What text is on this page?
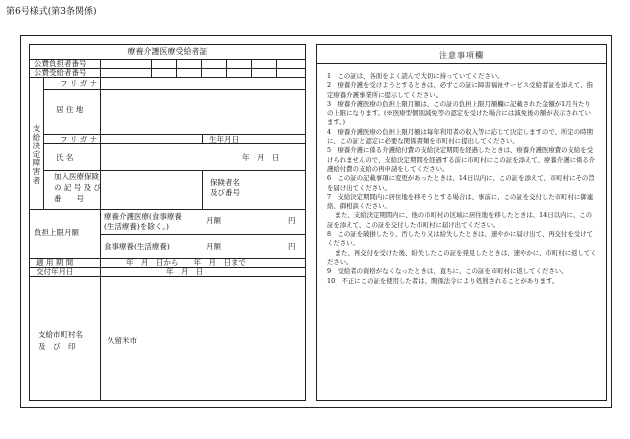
第6号様式(第3条関係)
療養介護医療受給者証
公費負担者番号
公費受給者番号
支給決定障害者
フ リ ガ ナ
居 住 地
フ リ ガ ナ	生年月日
年　月　日
氏 名
加入医療保険
の 記 号 及 び
番　　号
保険者名
及び番号
負担上限月額
療養介護医療(食事療養
(生活療養)を除く。)
月額	円
食事療養(生活療養)	月額	円
適 用 期 間	年　月　日から　　年　月　日まで
交付年月日	年　月　日
支給市町村名
及　び　印
久留米市
注意事項欄

1　この証は、各面をよく読んで大切に持っていてください。

2　療養介護を受けようとするときは、必ずこの証に障害福祉サービス受給者証を添えて、指定療養介護事業所に提示してください。

3　療養介護医療の負担上限月額は、この証の負担上限月額欄に記載された金額が1月当たりの上限になります。(※医療型個別減免等の認定を受けた場合には減免後の額が表示されています。)

4　療養介護医療の負担上限月額は毎年利用者の収入等に応じて決定しますので、所定の時期に、この証と認定に必要な関係書類を市町村に提出してください。

5　療養介護に係る介護給付費の支給決定期間を経過したときは、療養介護医療費の支給を受けられませんので、支給決定期間を経過する前に市町村にこの証を添えて、療養介護に係る介護給付費の支給の再申請をしてください。

6　この証の記載事項に変更があったときは、14日以内に、この証を添えて、市町村にその旨を届け出てください。

7　支給決定期間内に居住地を移そうとする場合は、事前に、この証を交付した市町村に御連絡、御相談ください。

また、支給決定期間内に、他の市町村の区域に居住地を移したときは、14日以内に、この証を添えて、この証を交付した市町村に届け出てください。

8　この証を破損したり、汚したり又は紛失したときは、速やかに届け出て、再交付を受けてください。

また、再交付を受けた後、紛失したこの証を発見したときは、速やかに、市町村に返してください。

9　受給者の資格がなくなったときは、直ちに、この証を市町村に返してください。

10　不正にこの証を使用した者は、関係法令により処罰されることがあります。
